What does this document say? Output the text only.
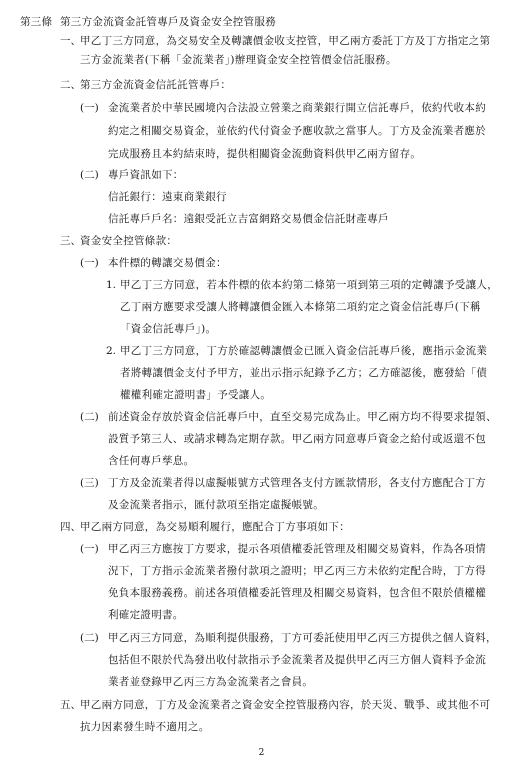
第三條 第三方金流資金託管專戶及資金安全控管服務
一、 甲乙丁三方同意，為交易安全及轉讓價金收支控管，甲乙兩方委託丁方及丁方指定之第
三方金流業者(下稱「金流業者」)辦理資金安全控管價金信託服務。
二、 第三方金流資金信託託管專戶：
(一) 金流業者於中華民國境內合法設立營業之商業銀行開立信託專戶，依約代收本約
約定之相關交易資金，並依約代付資金予應收款之當事人。丁方及金流業者應於
完成服務且本約結束時，提供相關資金流動資料供甲乙兩方留存。
(二) 專戶資訊如下：
信託銀行：遠東商業銀行
信託專戶戶名：遠銀受託立吉富網路交易價金信託財產專戶
三、 資金安全控管條款：
(一) 本件標的轉讓交易價金：
1. 甲乙丁三方同意，若本件標的依本約第二條第一項到第三項的定轉讓予受讓人，
乙丁兩方應要求受讓人將轉讓價金匯入本條第二項約定之資金信託專戶(下稱
「資金信託專戶」)。
2. 甲乙丁三方同意，丁方於確認轉讓價金已匯入資金信託專戶後，應指示金流業
者將轉讓價金支付予甲方，並出示指示紀錄予乙方；乙方確認後，應發給「債
權權利確定證明書」予受讓人。
(二) 前述資金存放於資金信託專戶中，直至交易完成為止。甲乙兩方均不得要求提領、
設質予第三人、或請求轉為定期存款。甲乙兩方同意專戶資金之給付或返還不包
含任何專戶孳息。
(三) 丁方及金流業者得以虛擬帳號方式管理各支付方匯款情形，各支付方應配合丁方
及金流業者指示，匯付款項至指定虛擬帳號。
四、 甲乙兩方同意，為交易順利履行，應配合丁方事項如下：
(一) 甲乙丙三方應按丁方要求，提示各項債權委託管理及相關交易資料，作為各項情
況下，丁方指示金流業者撥付款項之證明；甲乙丙三方未依約定配合時，丁方得
免負本服務義務。前述各項債權委託管理及相關交易資料，包含但不限於債權權
利確定證明書。
(二) 甲乙丙三方同意，為順利提供服務，丁方可委託使用甲乙丙三方提供之個人資料，
包括但不限於代為發出收付款指示予金流業者及提供甲乙丙三方個人資料予金流
業者並登錄甲乙丙三方為金流業者之會員。
五、 甲乙兩方同意，丁方及金流業者之資金安全控管服務內容，於天災、戰爭、或其他不可
抗力因素發生時不適用之。
2
